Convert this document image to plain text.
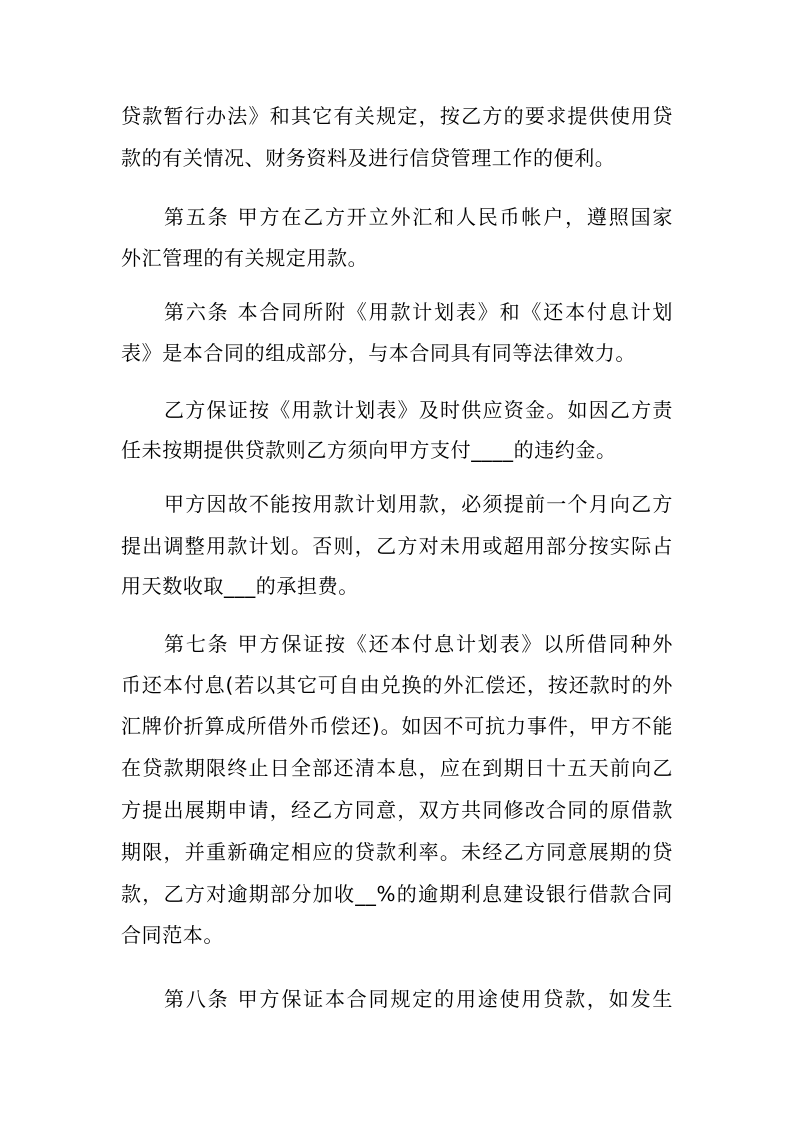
贷款暂行办法》和其它有关规定，按乙方的要求提供使用贷
款的有关情况、财务资料及进行信贷管理工作的便利。
第五条 甲方在乙方开立外汇和人民币帐户，遵照国家
外汇管理的有关规定用款。
第六条 本合同所附《用款计划表》和《还本付息计划
表》是本合同的组成部分，与本合同具有同等法律效力。
乙方保证按《用款计划表》及时供应资金。如因乙方责
任未按期提供贷款则乙方须向甲方支付____的违约金。
甲方因故不能按用款计划用款，必须提前一个月向乙方
提出调整用款计划。否则，乙方对未用或超用部分按实际占
用天数收取___的承担费。
第七条 甲方保证按《还本付息计划表》以所借同种外
币还本付息(若以其它可自由兑换的外汇偿还，按还款时的外
汇牌价折算成所借外币偿还)。如因不可抗力事件，甲方不能
在贷款期限终止日全部还清本息，应在到期日十五天前向乙
方提出展期申请，经乙方同意，双方共同修改合同的原借款
期限，并重新确定相应的贷款利率。未经乙方同意展期的贷
款，乙方对逾期部分加收__%的逾期利息建设银行借款合同
合同范本。
第八条 甲方保证本合同规定的用途使用贷款，如发生
